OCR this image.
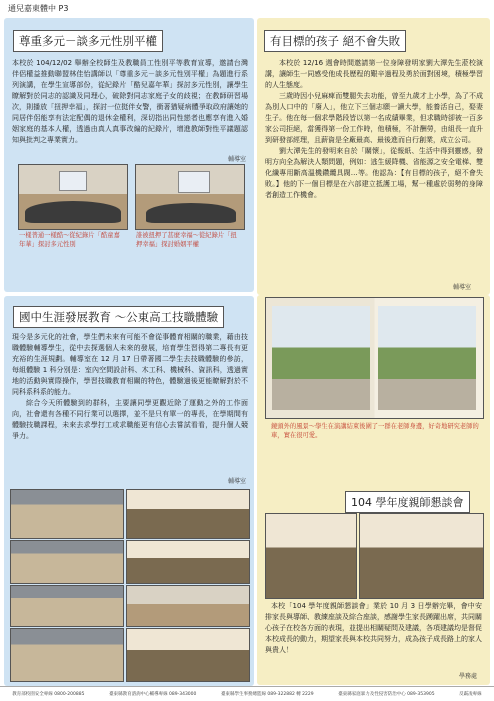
通兒嘉東體中 P3
尊重多元－談多元性別平權

本校於 104/12/02 舉辦全校師生及教職員工性別平等教育宣導，邀請台灣伴侶權益推動聯盟林佳怡講師以「尊重多元－談多元性別平權」為題進行系列演講，在學生宣導部份，從紀錄片「酷兒嘉年華」探討多元性別，讓學生瞭解對於同志的認識及同理心，破除對同志家庭子女的歧視；在教師研習場次，則播放「扭押幸福」，探討一位挺伴女警，衝著猶疑病體爭取政府讓她的同居伴侶能享有法定配偶的退休金權利，深切指出同性戀者也應享有進入婚姻家庭的基本人權，透過由真人真事改編的紀錄片，增進教師對性平議題認知與批判之專業實力。

輔導室
一樣普通一樣酷～從紀錄片「酷童嘉年華」探討多元性別
誰被扭押了甚麼幸福～從紀錄片「扭押幸福」探討婚姻平權
有目標的孩子 絕不會失敗

本校於 12/16 週會時間邀請第一位身障發明家劉大潭先生蒞校演講，讓師生一同感受他成長歷程的艱辛過程及勇於面對困境，積極學習的人生態度。

三歲時因小兒麻痺而雙腿失去功能，曾至九歲才上小學，為了不成為別人口中的「廢人」，他立下三個志願一讀大學，能養活自己，娶妻生子。他在每一個求學階段皆以第一名成績畢業，但求職時卻被一百多家公司拒絕，當獲得第一份工作時，他積極，不計酬勞，由組長一直升到研發部經理，且薪資是全廠最高、最後進而自行創業，成立公司。

劉大潭先生的發明來自於「關懷」，從報紙、生活中得到靈感，發明方向全為解決人類問題，例如：逃生緩降機、省能源之安全電梯、雙化纖專用斷高溫機鑽纜具閥…等。他認為：【有目標的孩子，絕不會失敗。】他的下一個目標是在六部建立抵護工場，幫一種處於弱勢的身障者創造工作機會。

輔導室
國中生涯發展教育 ～公東高工技職體驗

現今是多元化的社會，學生們未來有可能不會從事體育相關的職業，藉由技職體驗輔導學生，從中去探選個人未來的發展，培育學生習得第二專長有更充裕的生涯規劃。輔導室在 12 月 17 日帶著國二學生去技職體驗的參訪，每組體驗 1 科分別是：室內空間設計科、木工科、機械科、資訊科，透過實地的活動與實際操作，學習技職教育相關的特色，體驗過後更能瞭解對於不同科系科系的能力。

綜合今天所體驗到的群科，主要讓同學更觀近除了運動之外的工作面向，社會還有各種不同行業可以選擇，並不是只有單一的專長，在學期間有體驗技職課程，未來去求學打工或求職能更有信心去嘗試看看，提升個人競爭力。

輔導室
鏡頭外的風景～學生在演講結束後圍了一群在老師身邊，好奇地研究老師的車，實在很可愛。
104 學年度親師懇談會

本校「104 學年度親師懇談會」業於 10 月 3 日學辦完畢，會中安排家長與導師、教練座談及綜合座談，感謝學生家長踴躍出席，共同關心孩子在校各方面的表現，並提出相關疑問及建議，各項建議均是督促本校成長的動力，期望家長與本校共同努力，成為孩子成長路上的家人與貴人！

學務處
教育部校園安全專線 0800-200885	臺東縣教育諮詢中心輔導專線 089-343000	臺東縣學生事務總監線 089-322882 轉 2229	臺東縣家庭暴力及性侵害防治中心 089-353905	反霸凌專線
